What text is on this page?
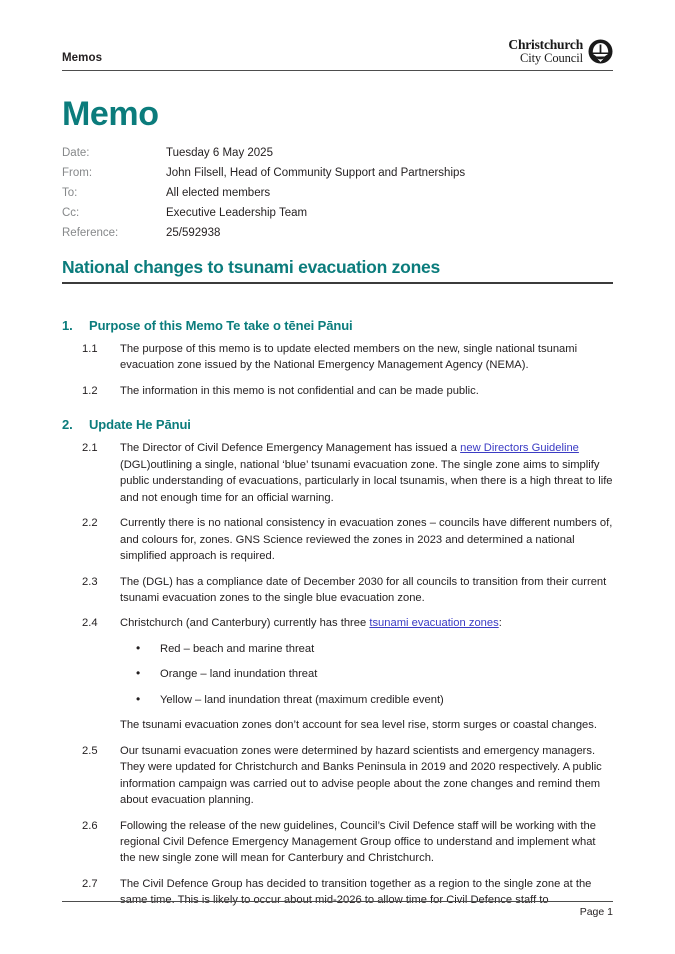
Memos
Christchurch
City Council
Memo
Date:	Tuesday 6 May 2025
From:	John Filsell, Head of Community Support and Partnerships
To:	All elected members
Cc:	Executive Leadership Team
Reference:	25/592938
National changes to tsunami evacuation zones
1.	Purpose of this Memo Te take o tēnei Pānui
1.1	The purpose of this memo is to update elected members on the new, single national tsunami evacuation zone issued by the National Emergency Management Agency (NEMA).
1.2	The information in this memo is not confidential and can be made public.
2.	Update He Pānui
2.1	The Director of Civil Defence Emergency Management has issued a new Directors Guideline (DGL)outlining a single, national ‘blue’ tsunami evacuation zone. The single zone aims to simplify public understanding of evacuations, particularly in local tsunamis, when there is a high threat to life and not enough time for an official warning.
2.2	Currently there is no national consistency in evacuation zones – councils have different numbers of, and colours for, zones. GNS Science reviewed the zones in 2023 and determined a national simplified approach is required.
2.3	The (DGL) has a compliance date of December 2030 for all councils to transition from their current tsunami evacuation zones to the single blue evacuation zone.
2.4	Christchurch (and Canterbury) currently has three tsunami evacuation zones:
• Red – beach and marine threat
• Orange – land inundation threat
• Yellow – land inundation threat (maximum credible event)
The tsunami evacuation zones don’t account for sea level rise, storm surges or coastal changes.
2.5	Our tsunami evacuation zones were determined by hazard scientists and emergency managers. They were updated for Christchurch and Banks Peninsula in 2019 and 2020 respectively. A public information campaign was carried out to advise people about the zone changes and remind them about evacuation planning.
2.6	Following the release of the new guidelines, Council’s Civil Defence staff will be working with the regional Civil Defence Emergency Management Group office to understand and implement what the new single zone will mean for Canterbury and Christchurch.
2.7	The Civil Defence Group has decided to transition together as a region to the single zone at the same time. This is likely to occur about mid-2026 to allow time for Civil Defence staff to
Page 1
